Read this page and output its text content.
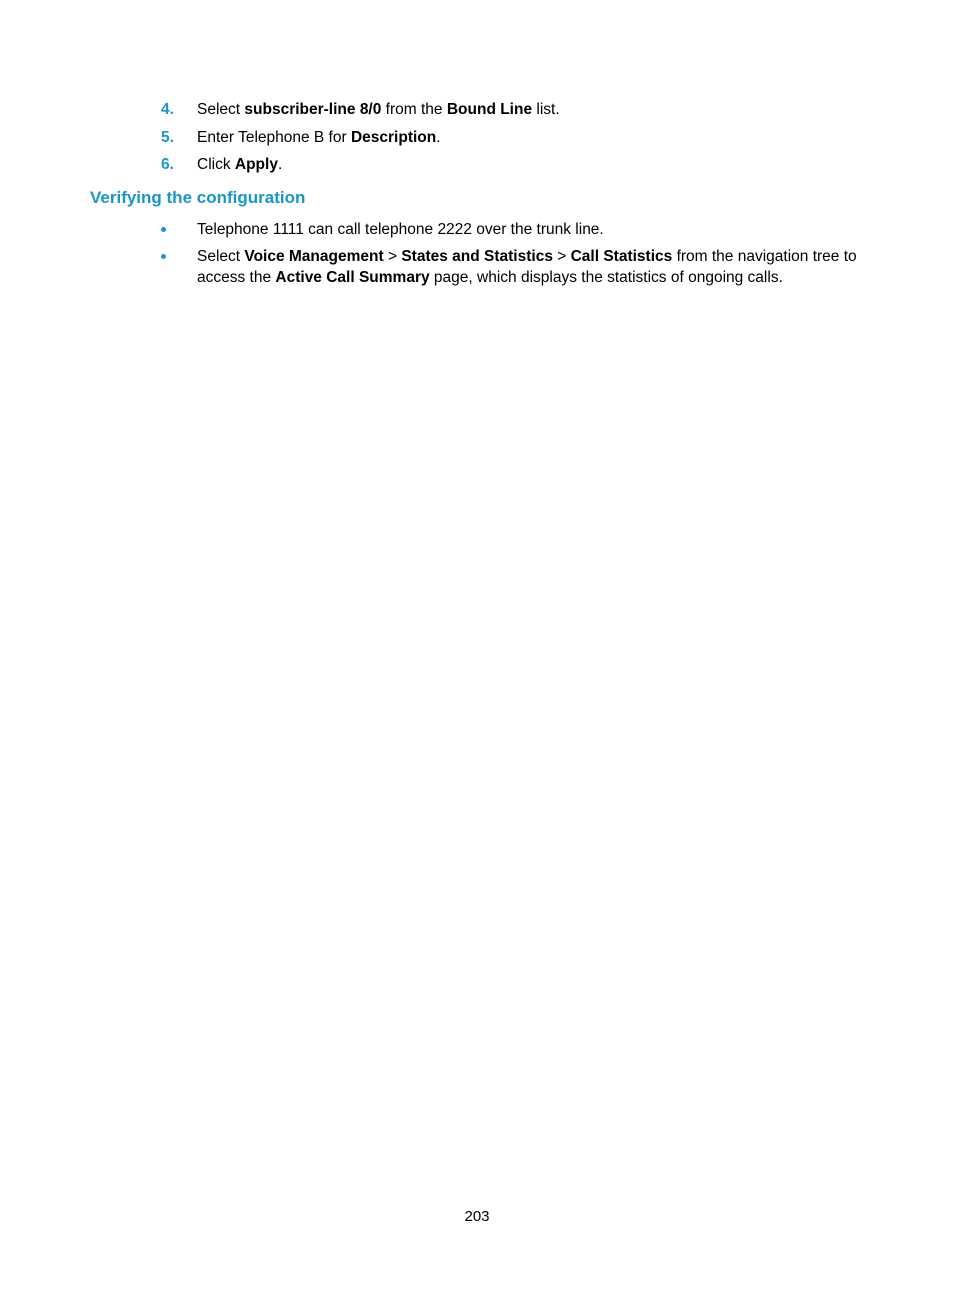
4. Select subscriber-line 8/0 from the Bound Line list.
5. Enter Telephone B for Description.
6. Click Apply.
Verifying the configuration
Telephone 1111 can call telephone 2222 over the trunk line.
Select Voice Management > States and Statistics > Call Statistics from the navigation tree to access the Active Call Summary page, which displays the statistics of ongoing calls.
203
